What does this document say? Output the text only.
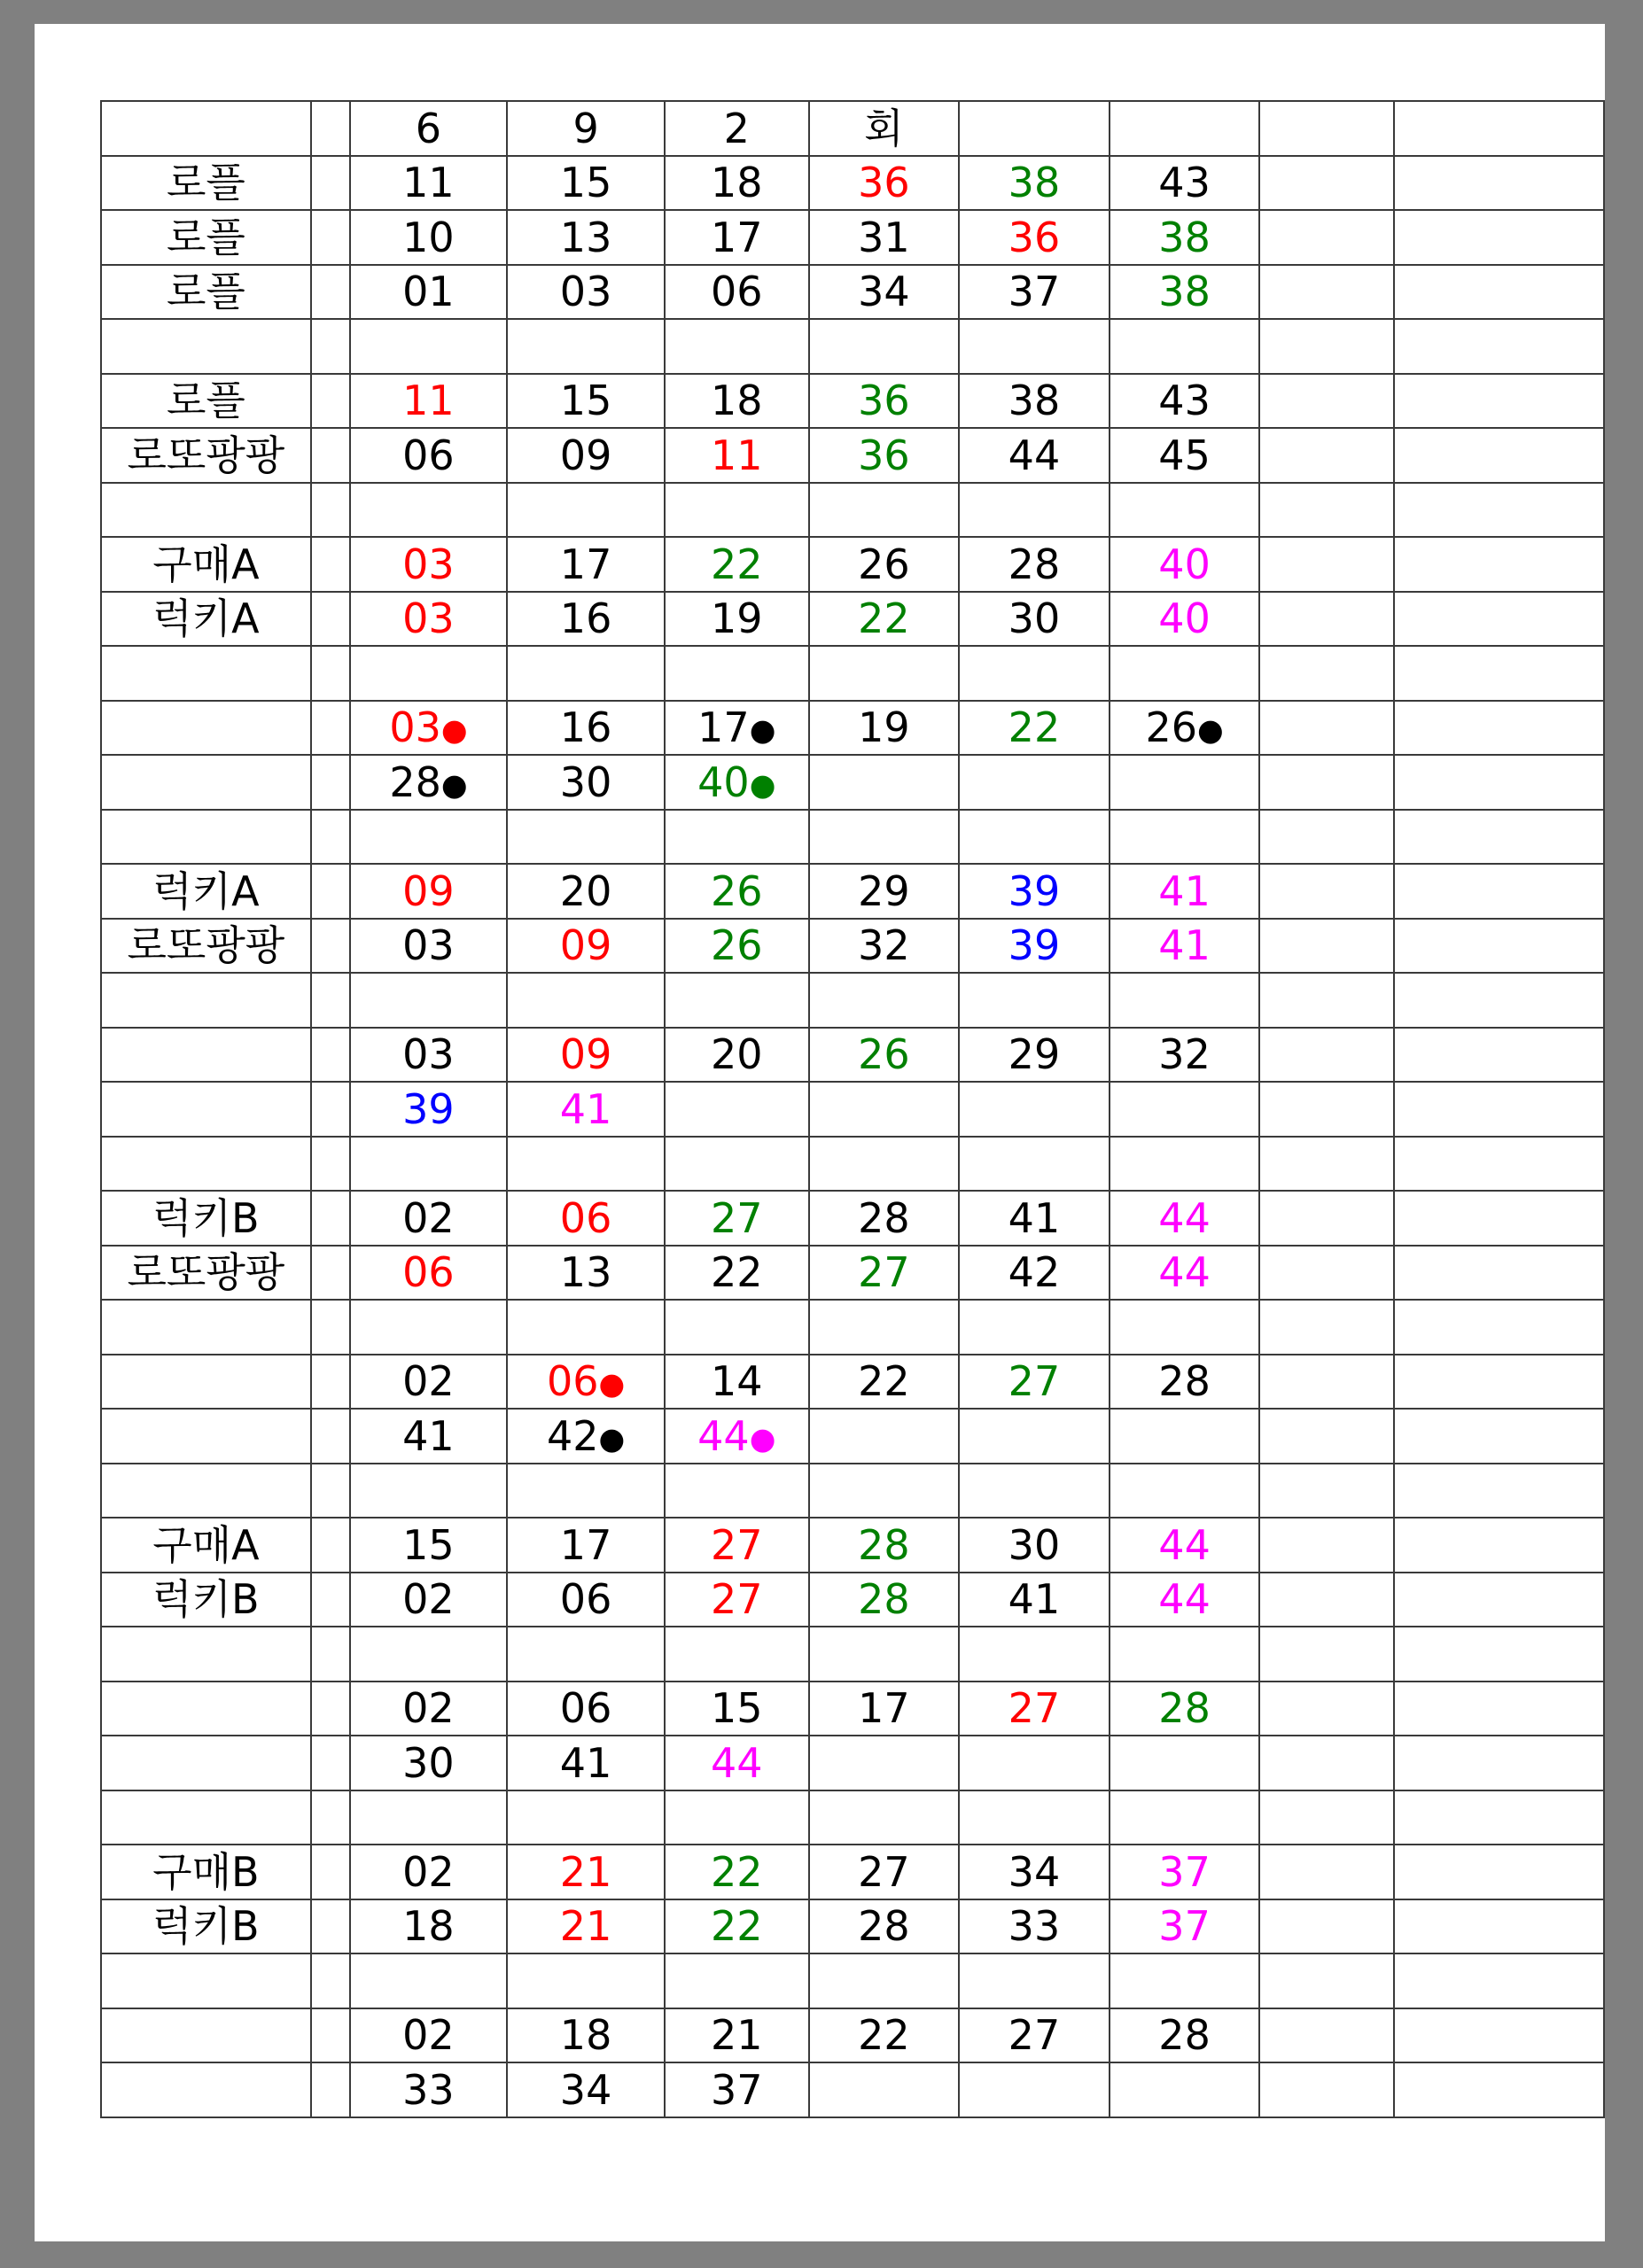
		6	9	2	회				
로플		11	15	18	36	38	43		
로플		10	13	17	31	36	38		
로플		01	03	06	34	37	38		

로플		11	15	18	36	38	43		
로또팡팡		06	09	11	36	44	45		

구매A		03	17	22	26	28	40		
럭키A		03	16	19	22	30	40		

		03●	16	17●	19	22	26●		
		28●	30	40●					

럭키A		09	20	26	29	39	41		
로또팡팡		03	09	26	32	39	41		

		03	09	20	26	29	32		
		39	41						

럭키B		02	06	27	28	41	44		
로또팡팡		06	13	22	27	42	44		

		02	06●	14	22	27	28		
		41	42●	44●					

구매A		15	17	27	28	30	44		
럭키B		02	06	27	28	41	44		

		02	06	15	17	27	28		
		30	41	44					

구매B		02	21	22	27	34	37		
럭키B		18	21	22	28	33	37		

		02	18	21	22	27	28		
		33	34	37					
